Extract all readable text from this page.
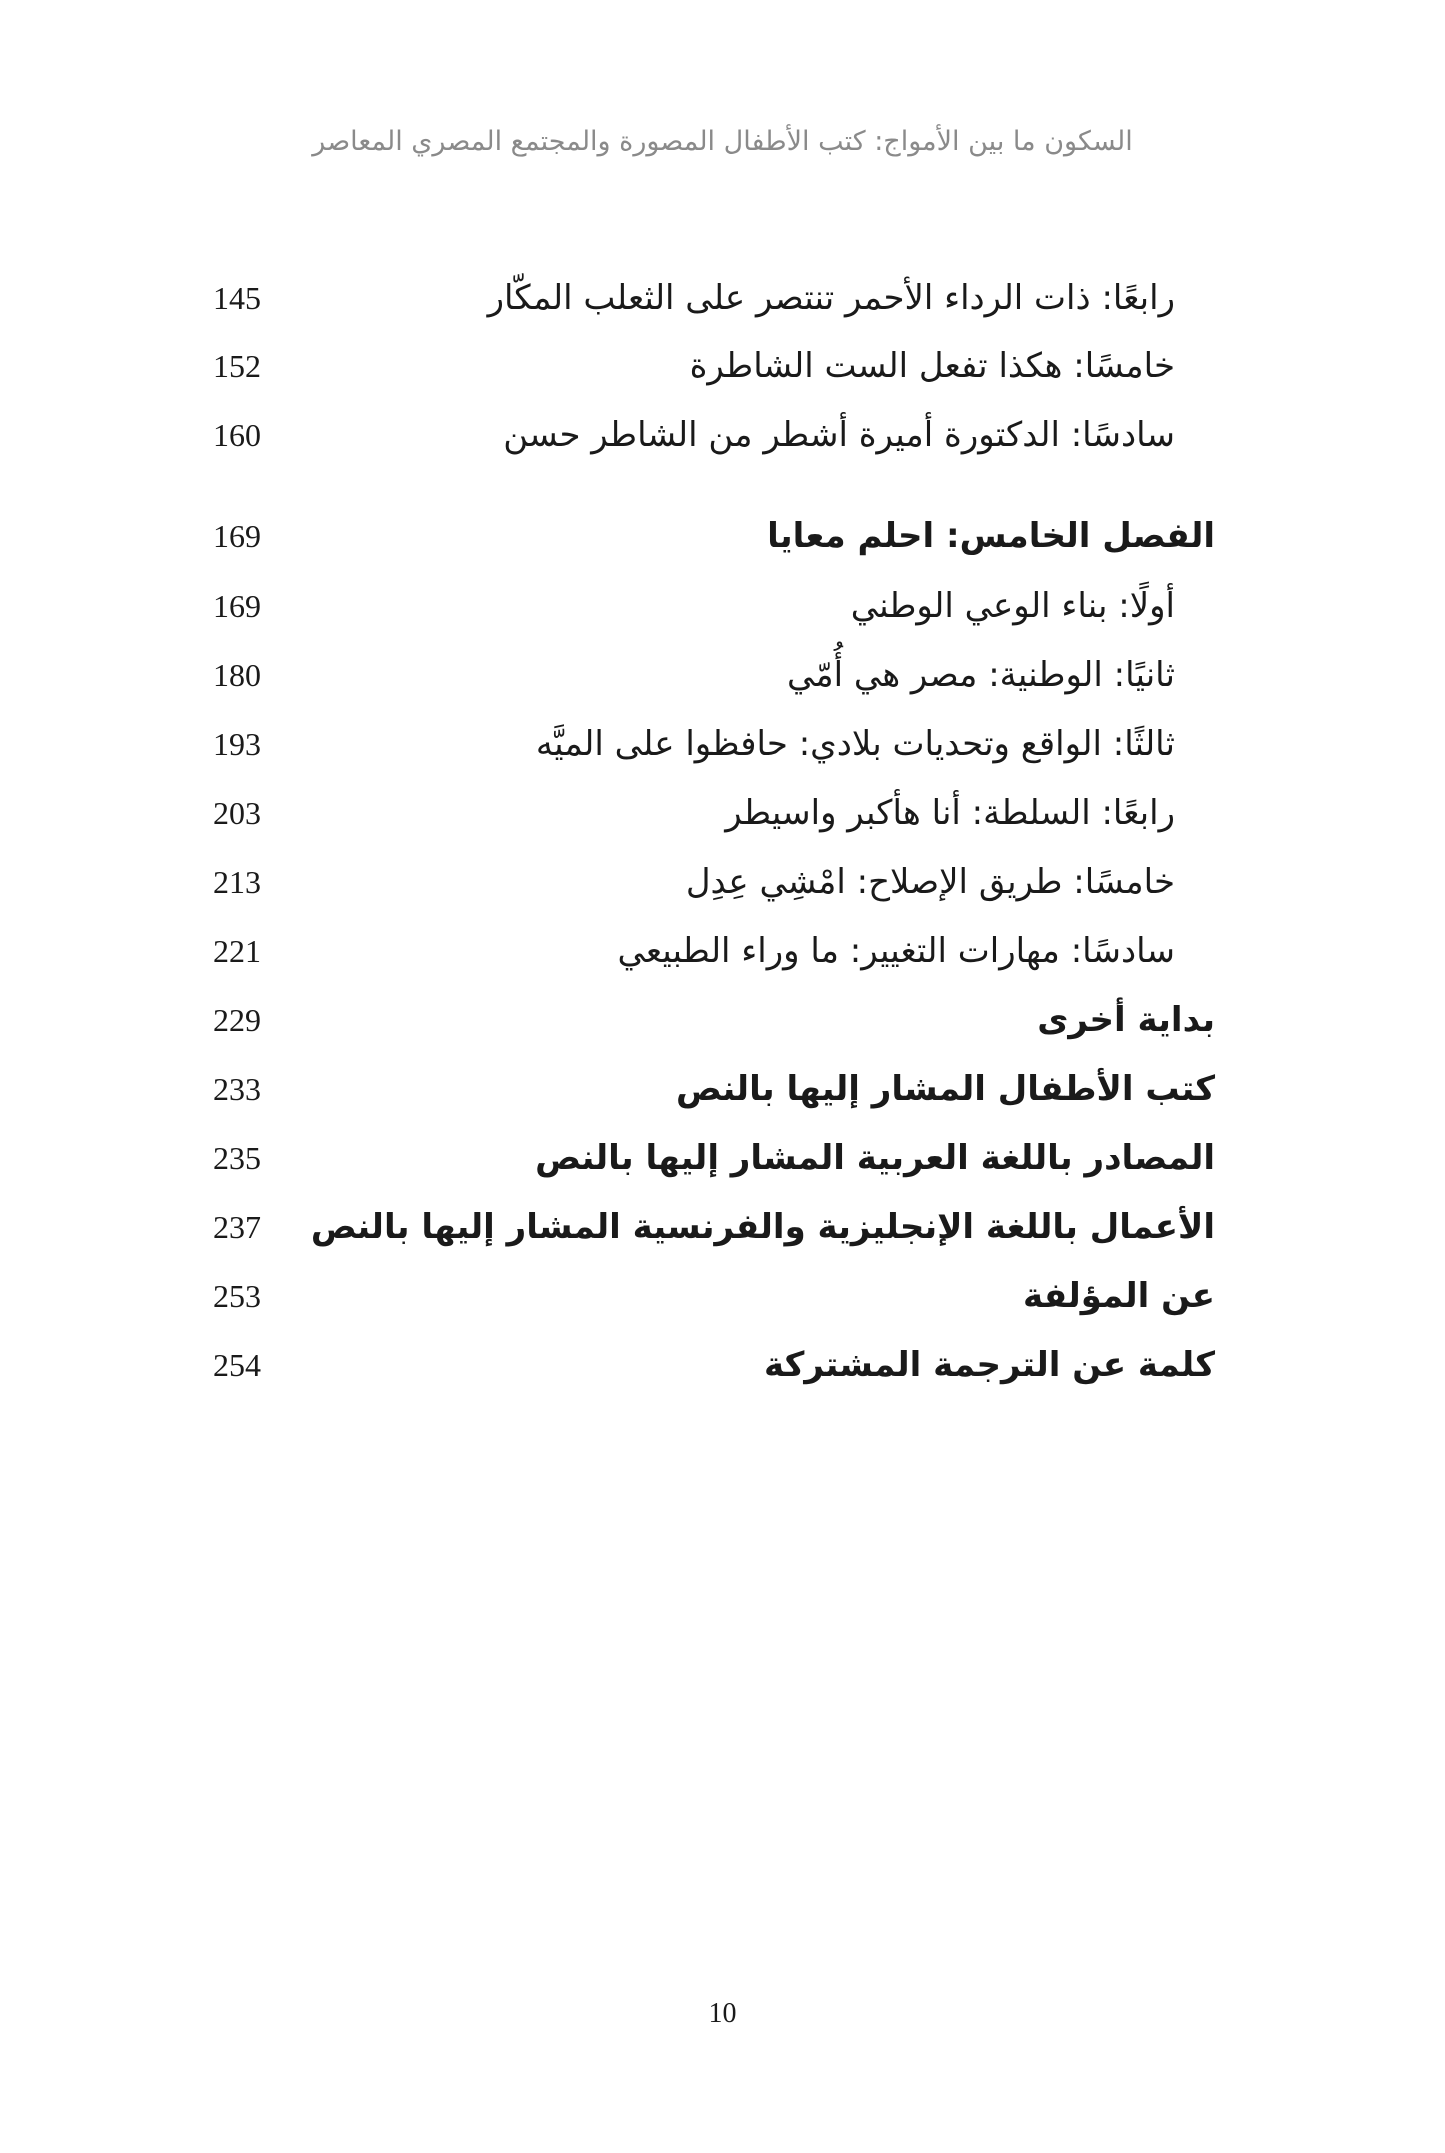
السكون ما بين الأمواج: كتب الأطفال المصورة والمجتمع المصري المعاصر
رابعًا: ذات الرداء الأحمر تنتصر على الثعلب المكّار
145
خامسًا: هكذا تفعل الست الشاطرة
152
سادسًا: الدكتورة أميرة أشطر من الشاطر حسن
160
الفصل الخامس: احلم معايا
169
أولًا: بناء الوعي الوطني
169
ثانيًا: الوطنية: مصر هي أُمّي
180
ثالثًا: الواقع وتحديات بلادي: حافظوا على الميَّه
193
رابعًا: السلطة: أنا هأكبر واسيطر
203
خامسًا: طريق الإصلاح: امْشِي عِدِل
213
سادسًا: مهارات التغيير: ما وراء الطبيعي
221
بداية أخرى
229
كتب الأطفال المشار إليها بالنص
233
المصادر باللغة العربية المشار إليها بالنص
235
الأعمال باللغة الإنجليزية والفرنسية المشار إليها بالنص
237
عن المؤلفة
253
كلمة عن الترجمة المشتركة
254
10
